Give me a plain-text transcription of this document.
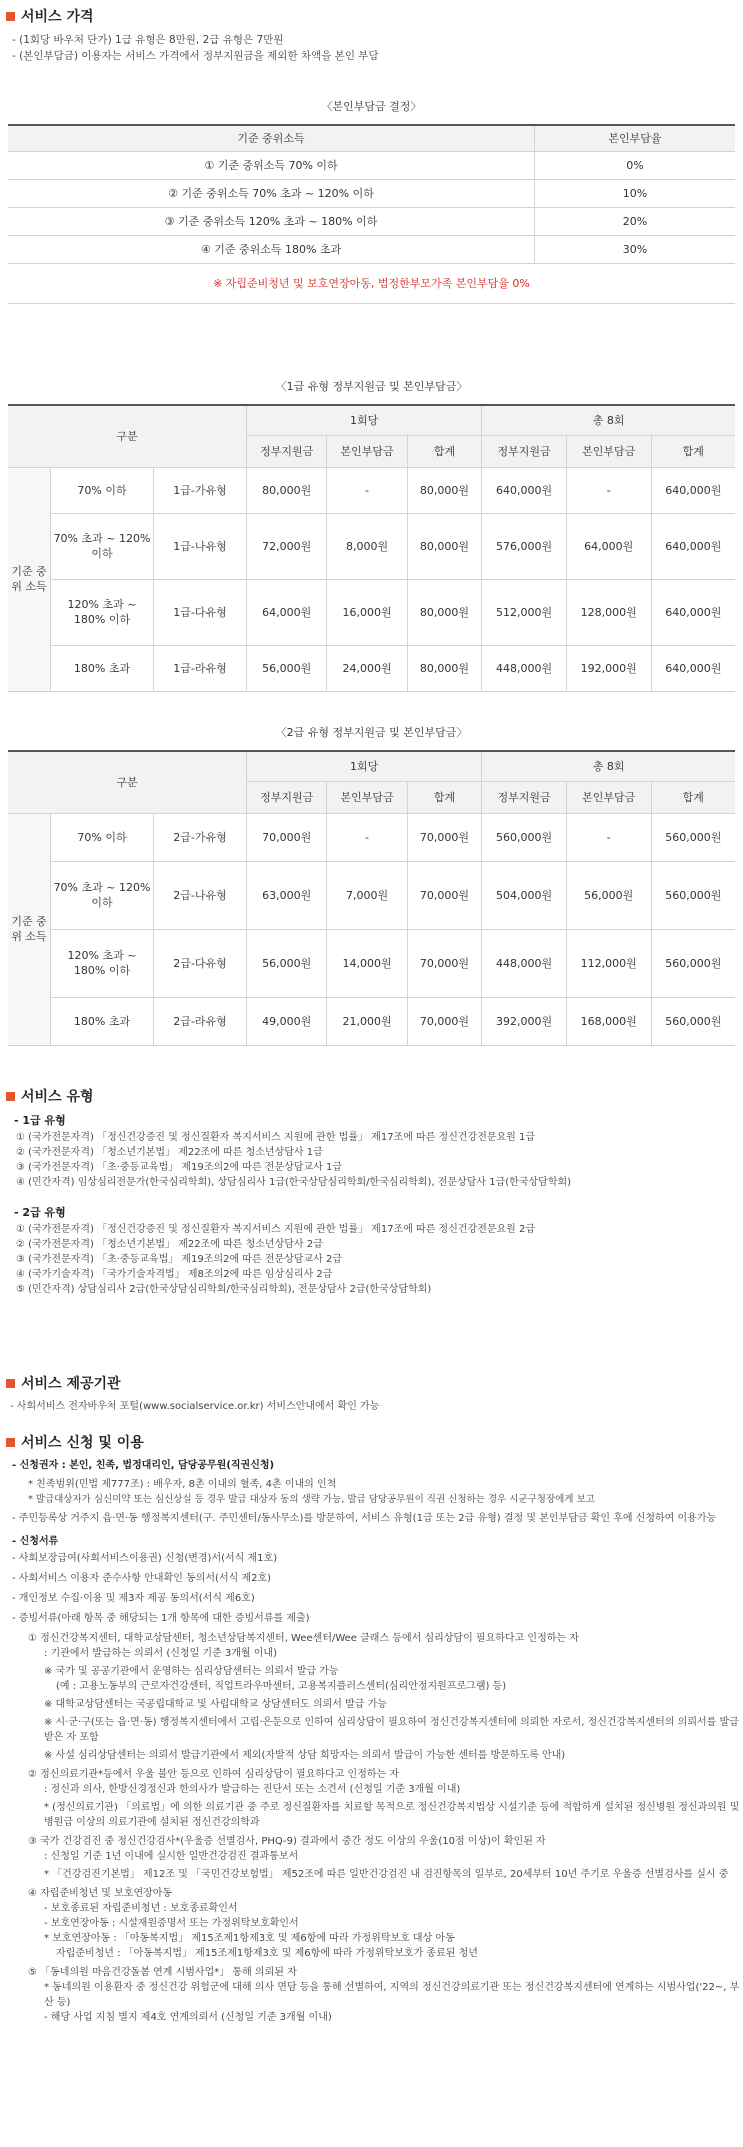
서비스 가격
- (1회당 바우처 단가) 1급 유형은 8만원, 2급 유형은 7만원
- (본인부담금) 이용자는 서비스 가격에서 정부지원금을 제외한 차액을 본인 부담
〈본인부담금 결정〉
기준 중위소득	본인부담율
① 기준 중위소득 70% 이하	0%
② 기준 중위소득 70% 초과 ~ 120% 이하	10%
③ 기준 중위소득 120% 초과 ~ 180% 이하	20%
④ 기준 중위소득 180% 초과	30%
※ 자립준비청년 및 보호연장아동, 법정한부모가족 본인부담율 0%	
〈1급 유형 정부지원금 및 본인부담금〉
구분			1회당			총 8회		
			정부지원금	본인부담금	합계	정부지원금	본인부담금	합계
기준 중위 소득	70% 이하	1급-가유형	80,000원	-	80,000원	640,000원	-	640,000원
	70% 초과 ~ 120% 이하	1급-나유형	72,000원	8,000원	80,000원	576,000원	64,000원	640,000원
	120% 초과 ~ 180% 이하	1급-다유형	64,000원	16,000원	80,000원	512,000원	128,000원	640,000원
	180% 초과	1급-라유형	56,000원	24,000원	80,000원	448,000원	192,000원	640,000원
〈2급 유형 정부지원금 및 본인부담금〉
구분			1회당			총 8회		
			정부지원금	본인부담금	합계	정부지원금	본인부담금	합계
기준 중위 소득	70% 이하	2급-가유형	70,000원	-	70,000원	560,000원	-	560,000원
	70% 초과 ~ 120% 이하	2급-나유형	63,000원	7,000원	70,000원	504,000원	56,000원	560,000원
	120% 초과 ~ 180% 이하	2급-다유형	56,000원	14,000원	70,000원	448,000원	112,000원	560,000원
	180% 초과	2급-라유형	49,000원	21,000원	70,000원	392,000원	168,000원	560,000원
서비스 유형
- 1급 유형
① (국가전문자격) 「정신건강증진 및 정신질환자 복지서비스 지원에 관한 법률」 제17조에 따른 정신건강전문요원 1급
② (국가전문자격) 「청소년기본법」 제22조에 따른 청소년상담사 1급
③ (국가전문자격) 「초·중등교육법」 제19조의2에 따른 전문상담교사 1급
④ (민간자격) 임상심리전문가(한국심리학회), 상담심리사 1급(한국상담심리학회/한국심리학회), 전문상담사 1급(한국상담학회)
- 2급 유형
① (국가전문자격) 「정신건강증진 및 정신질환자 복지서비스 지원에 관한 법률」 제17조에 따른 정신건강전문요원 2급
② (국가전문자격) 「청소년기본법」 제22조에 따른 청소년상담사 2급
③ (국가전문자격) 「초·중등교육법」 제19조의2에 따른 전문상담교사 2급
④ (국가기술자격) 「국가기술자격법」 제8조의2에 따른 임상심리사 2급
⑤ (민간자격) 상담심리사 2급(한국상담심리학회/한국심리학회), 전문상담사 2급(한국상담학회)
서비스 제공기관
- 사회서비스 전자바우처 포털(www.socialservice.or.kr) 서비스안내에서 확인 가능
서비스 신청 및 이용
- 신청권자 : 본인, 친족, 법정대리인, 담당공무원(직권신청)
* 친족범위(민법 제777조) : 배우자, 8촌 이내의 혈족, 4촌 이내의 인척
* 발급대상자가 심신미약 또는 심신상실 등 경우 발급 대상자 동의 생략 가능, 발급 담당공무원이 직권 신청하는 경우 시군구청장에게 보고
- 주민등록상 거주지 읍·면·동 행정복지센터(구. 주민센터/동사무소)를 방문하여, 서비스 유형(1급 또는 2급 유형) 결정 및 본인부담금 확인 후에 신청하여 이용가능
- 신청서류
- 사회보장급여(사회서비스이용권) 신청(변경)서(서식 제1호)
- 사회서비스 이용자 준수사항 안내확인 동의서(서식 제2호)
- 개인정보 수집·이용 및 제3자 제공 동의서(서식 제6호)
- 증빙서류(아래 항목 중 해당되는 1개 항목에 대한 증빙서류를 제출)
① 정신건강복지센터, 대학교상담센터, 청소년상담복지센터, Wee센터/Wee 클래스 등에서 심리상담이 필요하다고 인정하는 자
: 기관에서 발급하는 의뢰서 (신청일 기준 3개월 이내)
※ 국가 및 공공기관에서 운영하는 심리상담센터는 의뢰서 발급 가능
(예 : 고용노동부의 근로자건강센터, 직업트라우마센터, 고용복지플러스센터(심리안정지원프로그램) 등)
※ 대학교상담센터는 국공립대학교 및 사립대학교 상담센터도 의뢰서 발급 가능
※ 시·군·구(또는 읍·면·동) 행정복지센터에서 고립·은둔으로 인하여 심리상담이 필요하여 정신건강복지센터에 의뢰한 자로서, 정신건강복지센터의 의뢰서를 발급 받은 자 포함
※ 사설 심리상담센터는 의뢰서 발급기관에서 제외(자발적 상담 희망자는 의뢰서 발급이 가능한 센터를 방문하도록 안내)
② 정신의료기관*등에서 우울 불안 등으로 인하여 심리상담이 필요하다고 인정하는 자
: 정신과 의사, 한방신경정신과 한의사가 발급하는 진단서 또는 소견서 (신청일 기준 3개월 이내)
* (정신의료기관) 「의료법」에 의한 의료기관 중 주로 정신질환자를 치료할 목적으로 정신건강복지법상 시설기준 등에 적합하게 설치된 정신병원 정신과의원 및 병원급 이상의 의료기관에 설치된 정신건강의학과
③ 국가 건강검진 중 정신건강검사*(우울증 선별검사, PHQ-9) 결과에서 중간 정도 이상의 우울(10점 이상)이 확인된 자
: 신청일 기준 1년 이내에 실시한 일반건강검진 결과통보서
* 「건강검진기본법」 제12조 및 「국민건강보험법」 제52조에 따른 일반건강검진 내 검진항목의 일부로, 20세부터 10년 주기로 우울증 선별검사를 실시 중
④ 자립준비청년 및 보호연장아동
- 보호종료된 자립준비청년 : 보호종료확인서
- 보호연장아동 : 시설재원증명서 또는 가정위탁보호확인서
* 보호연장아동 : 「아동복지법」 제15조제1항제3호 및 제6항에 따라 가정위탁보호 대상 아동
자립준비청년 : 「아동복지법」 제15조제1항제3호 및 제6항에 따라 가정위탁보호가 종료된 청년
⑤ 「동네의원 마음건강돌봄 연계 시범사업*」 통해 의뢰된 자
* 동네의원 이용환자 중 정신건강 위험군에 대해 의사 면담 등을 통해 선별하여, 지역의 정신건강의료기관 또는 정신건강복지센터에 연계하는 시범사업('22~, 부산 등)
- 해당 사업 지침 별지 제4호 연계의뢰서 (신청일 기준 3개월 이내)
